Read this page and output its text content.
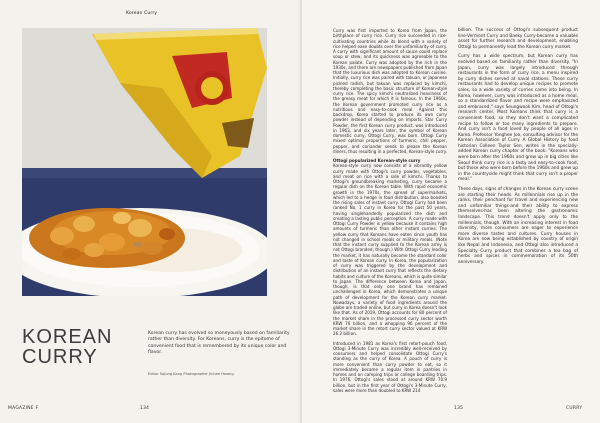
Korean Curry
KOREAN
CURRY
Korean curry has evolved so moneyously based on familiarity rather than diversity. For Koreans, curry is the epitome of convenient food that is remembered by its unique color and flavor.
Editor Sojung Kang Photographer Jinhee Hwang
MAGAZINE F	134	135	CURRY

Curry was first imported to Korea from Japan, the birthplace of curry rice. Curry rice succeeded in rice-cultivating countries while its blend with a variety of rice helped ease doubts over the unfamiliarity of curry. A curry with significant amount of sauce could replace soup or stew, and its quickness was agreeable to the Korean palate. Curry was adopted by the rich in the 1930s, and there are newspapers published from Japan that the luxurious dish was adopted to Korean cuisine. Initially, curry rice was paired with takuan, or Japanese pickled radish, but takuan was replaced by kimchi, thereby completing the basic structure of Korean-style curry rice. The spicy kimchi neutralized heaviness of the greasy meat for which it is famous. In the 1960s, the Korean government promoted curry rice as a nutritious and easy-to-cook meal. Against this backdrop, Korea started to produce its own curry powder instead of depending on imports. Star Curry Powder, the first Korean curry product, was introduced in 1963, and six years later, the symbol of Korean domestic curry, Ottogi Curry, was born. Ottogi Curry mixed optimal proportions of turmeric, chili pepper, pepper, and coriander seeds to please the Korean diners, thus resulting in a perfected, Korean-style curry.

Ottogi popularized Korean-style curry

Korean-style curry now consists of a vibrantly yellow curry made with Ottogi's curry powder, vegetables, and meat on rice with a side of kimchi. Thanks to Ottogi's groundbreaking marketing, curry became a regular dish on the Korean table. With rapid economic growth in the 1970s, the spread of supermarkets, which led to a hedge in food distribution, also boosted the rising sales of instant curry. Ottogi Curry had been ranked No. 1 curry in Korea for the past 50 years, having singlehandedly popularized the dish and creating a lasting public perception. A curry made with Ottogi Curry Powder is yellow because it contains high amounts of turmeric than other instant curries. The yellow curry that Koreans have eaten since youth has not changed in school meals or military meals. (Note that the instant curry supplied to the Korean army is not Ottogi branded, though.) With Ottogi Curry leading the market, it has naturally become the standard color and taste of Korean curry. In Korea, the popularization of curry was triggered by the development and distribution of an instant curry that reflects the dietary habits and culture of the Koreans, which is quite similar to Japan. The difference between Korea and Japan, though, is that only one brand has remained unchallenged in Korea, which demonstrates a unique path of development for the Korean curry market. Nowadays, a variety of food ingredients around the globe are traded online, but curry in Korea doesn't look like that. As of 2019, Ottogi accounts for 80 percent of the market share in the processed curry sector worth KRW 76 billion, and a whopping 96 percent of the market share in the retort curry sector valued at KRW 26.2 billion.

Introduced in 1981 as Korea's first retort-pouch food, Ottogi 3-Minute Curry was incredibly well-received by consumers and helped consolidate Ottogi Curry's standing as the curry of Korea. A pouch of curry is more convenient than curry powder to eat, so it immediately became a regular item in pantries in homes and on camping trips or college boarding trips. In 1976, Ottogi's sales stood at around KRW 70.9 billion, but in the first year of Ottogi's 3-Minute Curry, sales were more than doubled to KRW 214

billion. The success of Ottogi's subsequent product line-Vermont Curry and Baeky Curry-became a valuable asset for further research and development, enabling Ottogi to permanently lead the Korean curry market.

Curry has a wide spectrum, but Korean curry has evolved based on familiarity rather than diversity. "In Japan, curry was largely introduced through restaurants in the form of curry rice, a menu inspired by curry dishes served at naval stations. These curry restaurants had to develop unique recipes to promote sales, so a wide variety of curries came into being. In Korea, however, curry was introduced as a home meal, so a standardized flavor and recipe were emphasized and embraced," says Seungwook Kim, head of Ottogi's research center. Most Koreans think that curry is a convenient food, so they don't want a complicated recipe to follow or too many ingredients to prepare. And curry isn't a food loved by people of all ages in Korea. Professor Yonghee Joo, consulting advisor for the Korean Association of Curry. A Global History by food historian Colleen Taylor Sen, writes in the specially-added Korean curry chapter of the book: "Koreans who were born after the 1960s and grew up in big cities like Seoul think curry rice is a tasty and easy-to-cook food, but those who were born before the 1960s and grew up in the countryside might think that curry isn't a proper meal."

These days, signs of changes in the Korean curry scene are starting their heads. As millennials rise up in the ranks, their penchant for travel and experiencing new and unfamiliar things-and their ability to express themselves-has been altering the gastronomic landscape. This trend doesn't apply only to the millennials, though. With an increasing interest in food diversity, more consumers are eager to experience more diverse tastes and cultures. Curry houses in Korea are now being established by country of origin like Nepal and Indonesia, and Ottogi also introduced a Specialty Curry product that combines a tea bag of herbs and spices in commemoration of its 50th anniversary.
